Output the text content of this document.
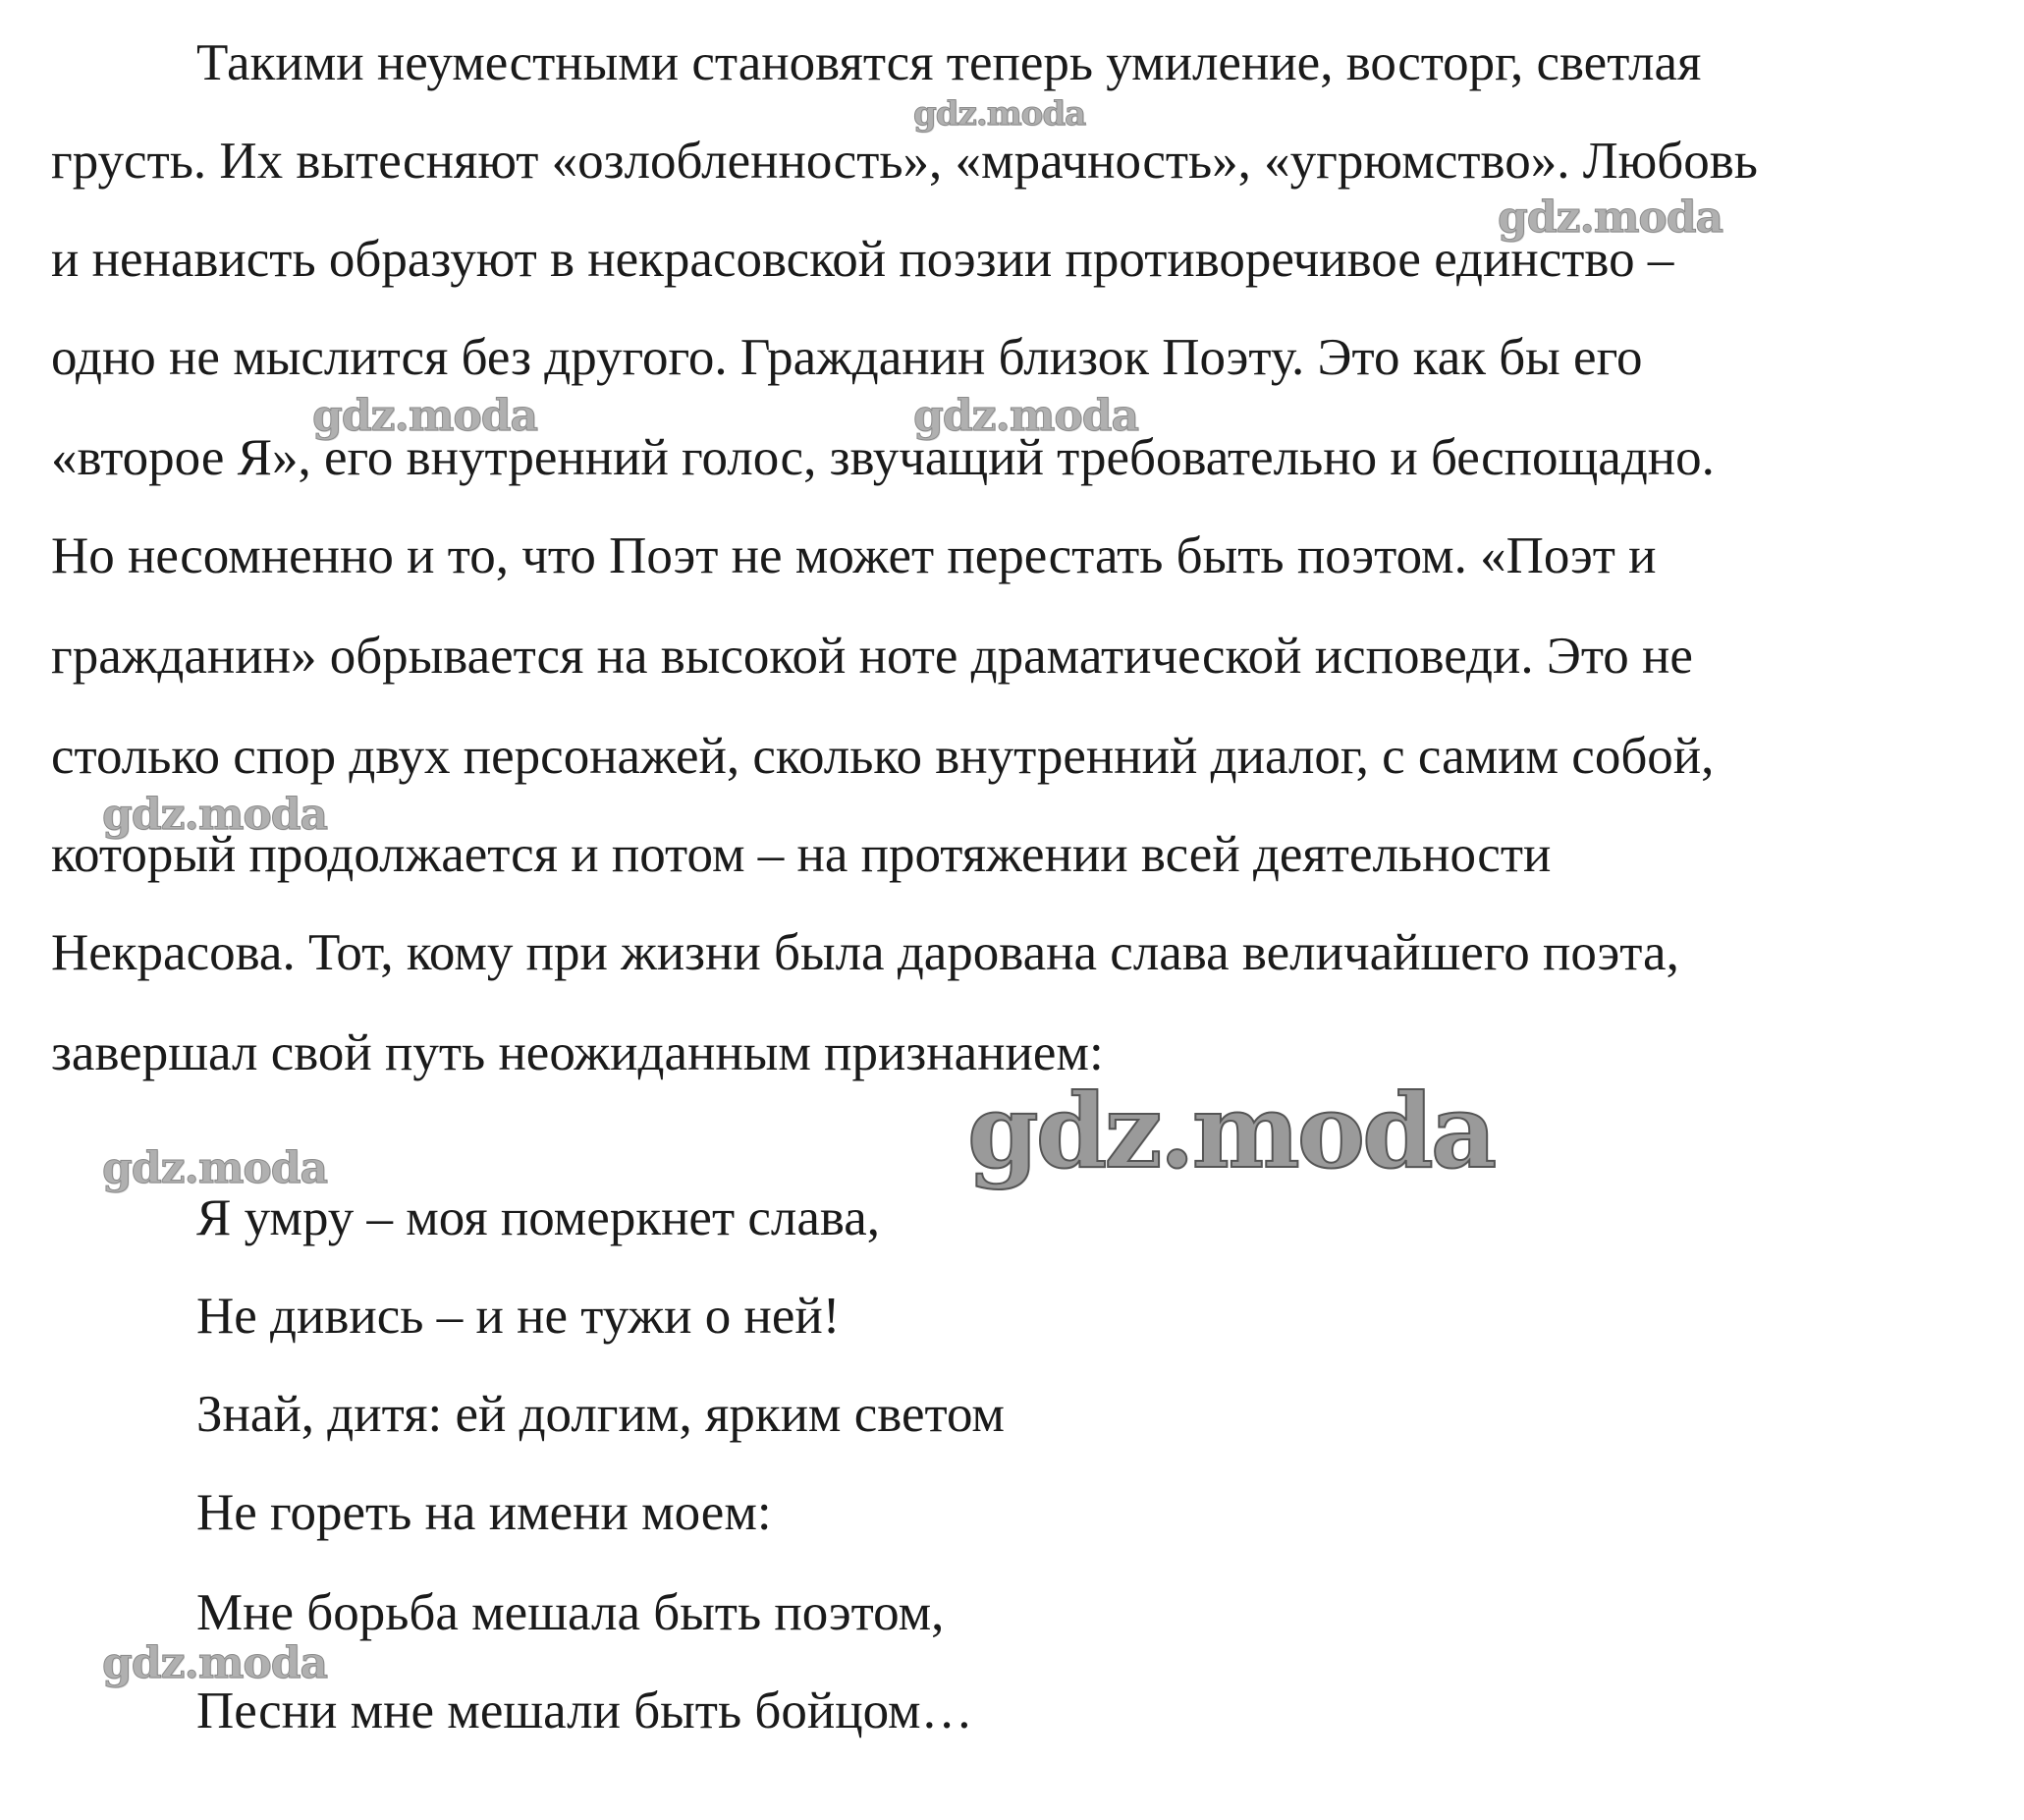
Такими неуместными становятся теперь умиление, восторг, светлая
грусть. Их вытесняют «озлобленность», «мрачность», «угрюмство». Любовь
и ненависть образуют в некрасовской поэзии противоречивое единство –
одно не мыслится без другого. Гражданин близок Поэту. Это как бы его
«второе Я», его внутренний голос, звучащий требовательно и беспощадно.
Но несомненно и то, что Поэт не может перестать быть поэтом. «Поэт и
гражданин» обрывается на высокой ноте драматической исповеди. Это не
столько спор двух персонажей, сколько внутренний диалог, с самим собой,
который продолжается и потом – на протяжении всей деятельности
Некрасова. Тот, кому при жизни была дарована слава величайшего поэта,
завершал свой путь неожиданным признанием:
Я умру – моя померкнет слава,
Не дивись – и не тужи о ней!
Знай, дитя: ей долгим, ярким светом
Не гореть на имени моем:
Мне борьба мешала быть поэтом,
Песни мне мешали быть бойцом…
gdz.moda
gdz.moda
gdz.moda	gdz.moda
gdz.moda
gdz.moda
gdz.moda
gdz.moda
